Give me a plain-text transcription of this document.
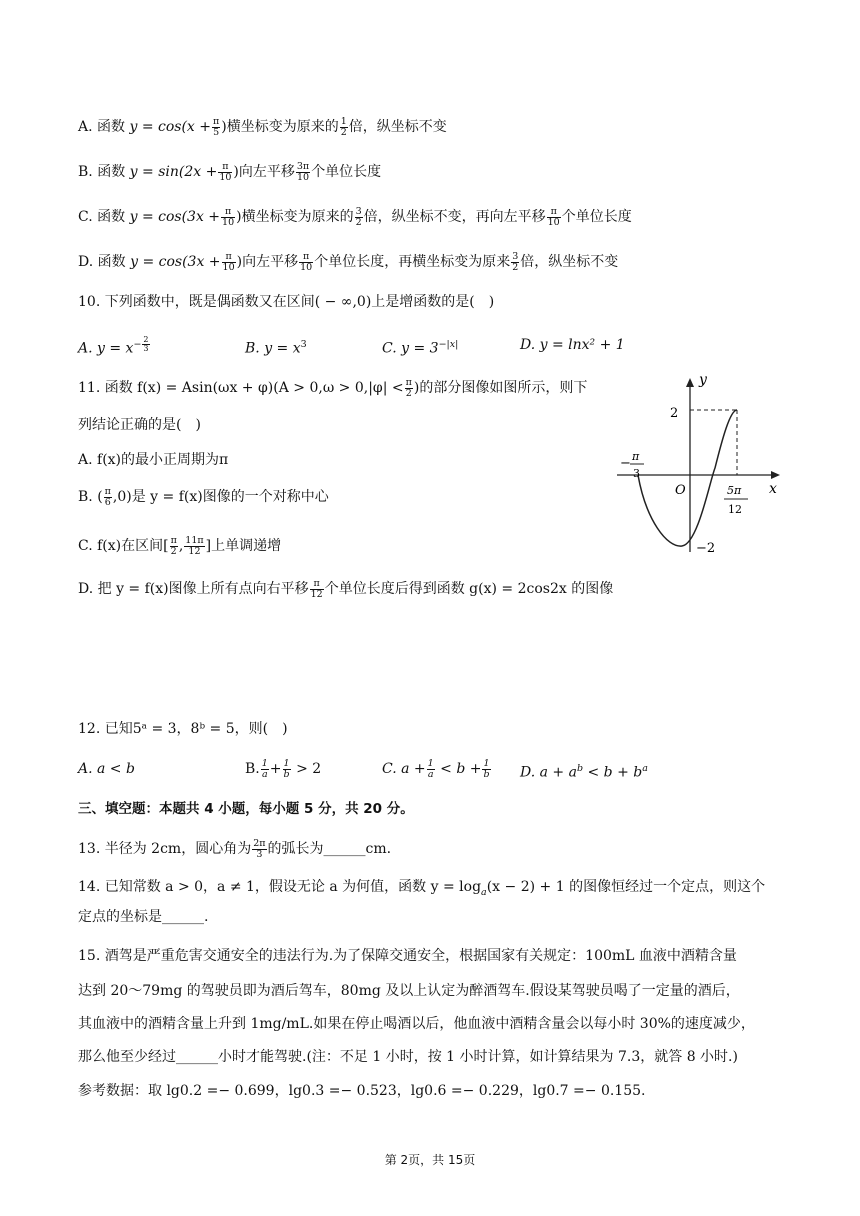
A. 函数 $y = \cos(x + \frac{\pi}{5}$ )横坐标变为原来的 $\frac{1}{2}$ 倍，纵坐标不变
B. 函数 $y = \sin(2x + \frac{\pi}{10}$ )向左平移 $\frac{3\pi}{10}$ 个单位长度
C. 函数 $y = \cos(3x + \frac{\pi}{10}$ )横坐标变为原来的 $\frac{3}{2}$ 倍，纵坐标不变，再向左平移 $\frac{\pi}{10}$ 个单位长度
D. 函数 $y = \cos(3x + \frac{\pi}{10}$ )向左平移 $\frac{\pi}{10}$ 个单位长度，再横坐标变为原来 $\frac{3}{2}$ 倍，纵坐标不变
10. 下列函数中，既是偶函数又在区间( − ∞,0)上是增函数的是(　)
A. $y = x^{- \frac{2}{3}}$	B. $y = x^3$	C. $y = 3^{-|x|}$	D. y = lnx² + 1
11. 函数 $f(x) = Asin(\omega x + \varphi)(A > 0,\omega > 0,|\varphi| < \frac{\pi}{2}$ )的部分图像如图所示，则下
列结论正确的是(　)
A. f(x)的最小正周期为π
B. ( $\frac{\pi}{6} ,0$)是 y = f(x)图像的一个对称中心
C. f(x)在区间[ $\frac{\pi}{2}$ , $\frac{11\pi}{12}$ ]上单调递增
D. 把 y = f(x)图像上所有点向右平移 $\frac{\pi}{12}$ 个单位长度后得到函数 g(x) = 2cos2x 的图像
y
x
O
2
−2
− π
3
5π
12
12. 已知5ᵃ = 3，8ᵇ = 5，则(　)
A. a < b	B. $\frac{1}{a} + \frac{1}{b} > 2$	C. $a + \frac{1}{a} < b + \frac{1}{b} D$. $a + a^b < b + b^a$
三、填空题：本题共 4 小题，每小题 5 分，共 20 分。
13. 半径为 2cm，圆心角为 $\frac{2\pi}{3}$ 的弧长为______cm.
14. 已知常数 a > 0，a ≠ 1，假设无论 a 为何值，函数 $y = \log_a(x - 2) + 1$ 的图像恒经过一个定点，则这个
定点的坐标是______.
15. 酒驾是严重危害交通安全的违法行为.为了保障交通安全，根据国家有关规定：100mL 血液中酒精含量
达到 20～79mg 的驾驶员即为酒后驾车，80mg 及以上认定为醉酒驾车.假设某驾驶员喝了一定量的酒后，
其血液中的酒精含量上升到 1mg/mL.如果在停止喝酒以后，他血液中酒精含量会以每小时 30%的速度减少，
那么他至少经过______小时才能驾驶.(注：不足 1 小时，按 1 小时计算，如计算结果为 7.3，就答 8 小时.)
参考数据：取 lg0.2 =− 0.699，lg0.3 =− 0.523，lg0.6 =− 0.229，lg0.7 =− 0.155.
第 2页，共 15页
